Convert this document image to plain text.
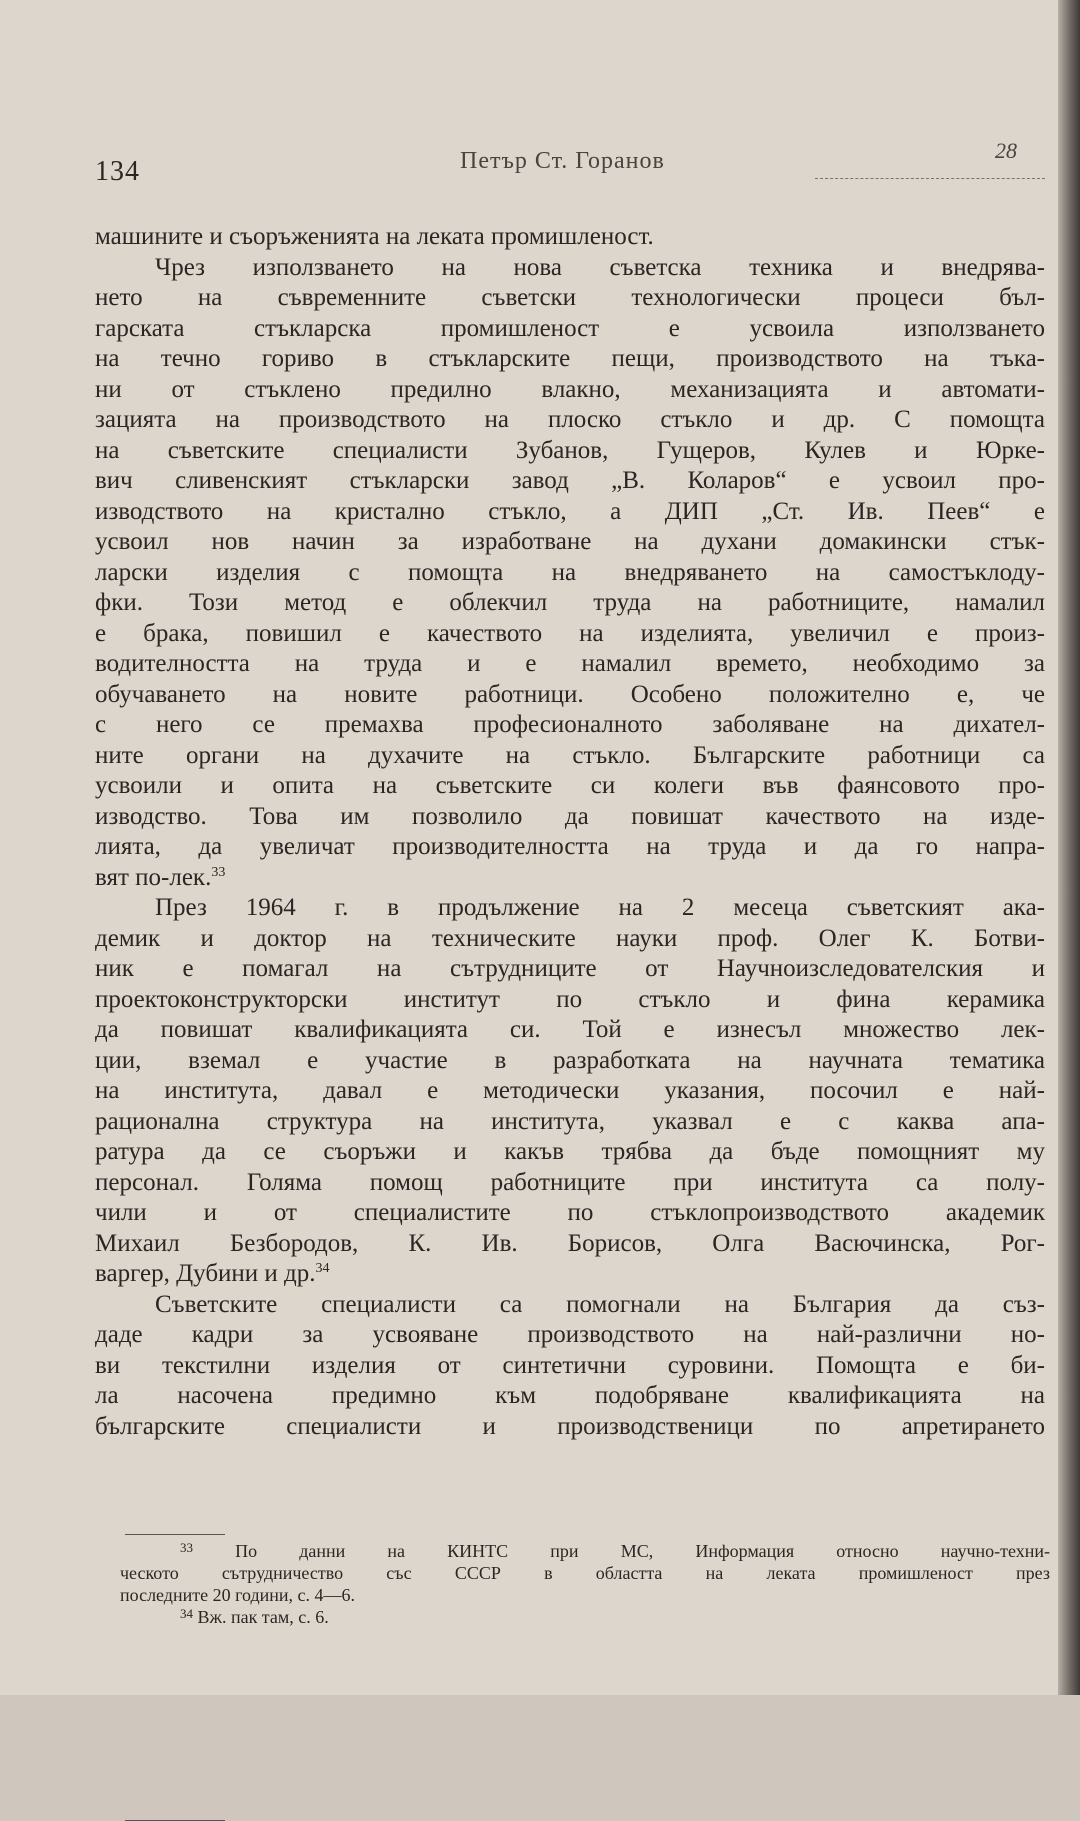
134	Петър Ст. Горанов	28
машините и съоръженията на леката промишленост.
Чрез използването на нова съветска техника и внедрява-
нето на съвременните съветски технологически процеси бъл-
гарската стъкларска промишленост е усвоила използването
на течно гориво в стъкларските пещи, производството на тъка-
ни от стъклено предилно влакно, механизацията и автомати-
зацията на производството на плоско стъкло и др. С помощта
на съветските специалисти Зубанов, Гущеров, Кулев и Юрке-
вич сливенският стъкларски завод „В. Коларов“ е усвоил про-
изводството на кристално стъкло, а ДИП „Ст. Ив. Пеев“ е
усвоил нов начин за изработване на духани домакински стък-
ларски изделия с помощта на внедряването на самостъклоду-
фки. Този метод е облекчил труда на работниците, намалил
е брака, повишил е качеството на изделията, увеличил е произ-
водителността на труда и е намалил времето, необходимо за
обучаването на новите работници. Особено положително е, че
с него се премахва професионалното заболяване на дихател-
ните органи на духачите на стъкло. Българските работници са
усвоили и опита на съветските си колеги във фаянсовото про-
изводство. Това им позволило да повишат качеството на изде-
лията, да увеличат производителността на труда и да го напра-
вят по-лек.$^{33}$
През 1964 г. в продължение на 2 месеца съветският ака-
демик и доктор на техническите науки проф. Олег К. Ботви-
ник е помагал на сътрудниците от Научноизследователския и
проектоконструкторски институт по стъкло и фина керамика
да повишат квалификацията си. Той е изнесъл множество лек-
ции, вземал е участие в разработката на научната тематика
на института, давал е методически указания, посочил е най-
рационална структура на института, указвал е с каква апа-
ратура да се съоръжи и какъв трябва да бъде помощният му
персонал. Голяма помощ работниците при института са полу-
чили и от специалистите по стъклопроизводството академик
Михаил Безбородов, К. Ив. Борисов, Олга Васючинска, Рог-
варгер, Дубини и др.$^{34}$
Съветските специалисти са помогнали на България да съз-
даде кадри за усвояване производството на най-различни но-
ви текстилни изделия от синтетични суровини. Помощта е би-
ла насочена предимно към подобряване квалификацията на
българските специалисти и производственици по апретирането
$^{33}$ По данни на КИНТС при МС, Информация относно научно-техни-
ческото сътрудничество със СССР в областта на леката промишленост през
последните 20 години, с. 4—6.
$^{34}$ Вж. пак там, с. 6.
